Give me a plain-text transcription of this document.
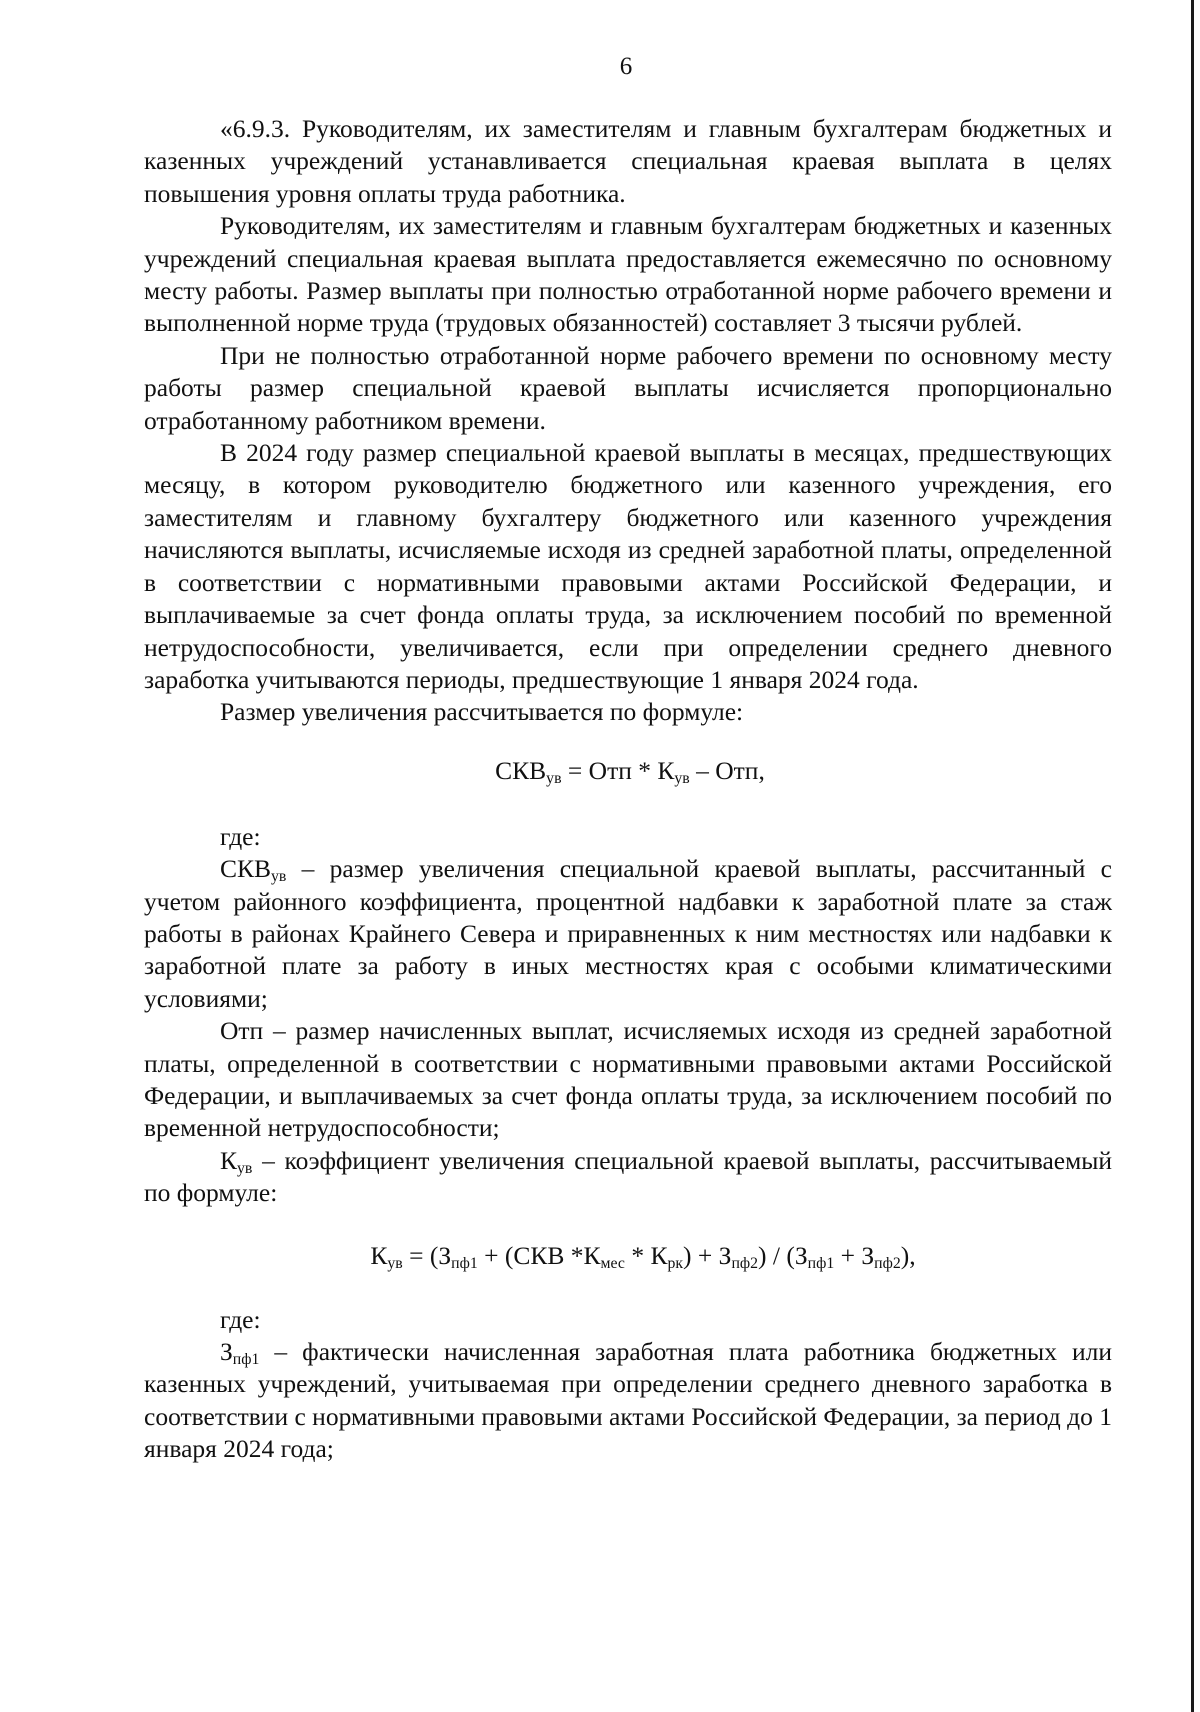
6

«6.9.3. Руководителям, их заместителям и главным бухгалтерам бюджетных и казенных учреждений устанавливается специальная краевая выплата в целях повышения уровня оплаты труда работника.

Руководителям, их заместителям и главным бухгалтерам бюджетных и казенных учреждений специальная краевая выплата предоставляется ежемесячно по основному месту работы. Размер выплаты при полностью отработанной норме рабочего времени и выполненной норме труда (трудовых обязанностей) составляет 3 тысячи рублей.

При не полностью отработанной норме рабочего времени по основному месту работы размер специальной краевой выплаты исчисляется пропорционально отработанному работником времени.

В 2024 году размер специальной краевой выплаты в месяцах, предшествующих месяцу, в котором руководителю бюджетного или казенного учреждения, его заместителям и главному бухгалтеру бюджетного или казенного учреждения начисляются выплаты, исчисляемые исходя из средней заработной платы, определенной в соответствии с нормативными правовыми актами Российской Федерации, и выплачиваемые за счет фонда оплаты труда, за исключением пособий по временной нетрудоспособности, увеличивается, если при определении среднего дневного заработка учитываются периоды, предшествующие 1 января 2024 года.

Размер увеличения рассчитывается по формуле:

$СКВ_{ув}$ = Отп * $К_{ув}$ – Отп,

где:

$СКВ_{ув}$ – размер увеличения специальной краевой выплаты, рассчитанный с учетом районного коэффициента, процентной надбавки к заработной плате за стаж работы в районах Крайнего Севера и приравненных к ним местностях или надбавки к заработной плате за работу в иных местностях края с особыми климатическими условиями;

Отп – размер начисленных выплат, исчисляемых исходя из средней заработной платы, определенной в соответствии с нормативными правовыми актами Российской Федерации, и выплачиваемых за счет фонда оплаты труда, за исключением пособий по временной нетрудоспособности;

$К_{ув}$ – коэффициент увеличения специальной краевой выплаты, рассчитываемый по формуле:

$К_{ув} = (З_{пф1} + (СКВ$ $*К_{мес} * К_{рк}) + З_{пф2}) / (З_{пф1} + З_{пф2})$,

где:

$З_{пф1}$ – фактически начисленная заработная плата работника бюджетных или казенных учреждений, учитываемая при определении среднего дневного заработка в соответствии с нормативными правовыми актами Российской Федерации, за период до 1 января 2024 года;
